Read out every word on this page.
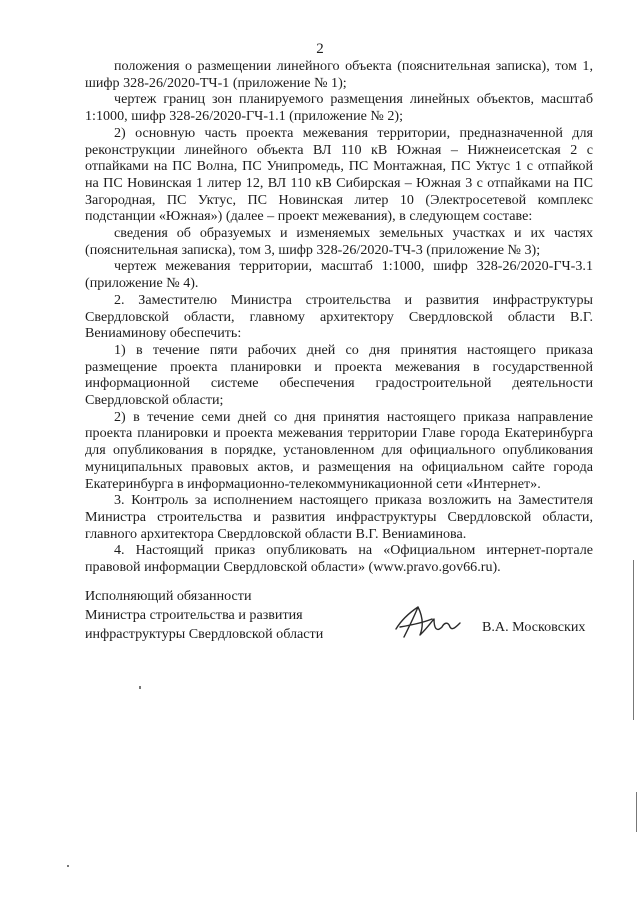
2

положения о размещении линейного объекта (пояснительная записка), том 1, шифр 328-26/2020-ТЧ-1 (приложение № 1);

чертеж границ зон планируемого размещения линейных объектов, масштаб 1:1000, шифр 328-26/2020-ГЧ-1.1 (приложение № 2);

2) основную часть проекта межевания территории, предназначенной для реконструкции линейного объекта ВЛ 110 кВ Южная – Нижнеисетская 2 с отпайками на ПС Волна, ПС Унипромедь, ПС Монтажная, ПС Уктус 1 с отпайкой на ПС Новинская 1 литер 12, ВЛ 110 кВ Сибирская – Южная 3 с отпайками на ПС Загородная, ПС Уктус, ПС Новинская литер 10 (Электросетевой комплекс подстанции «Южная») (далее – проект межевания), в следующем составе:

сведения об образуемых и изменяемых земельных участках и их частях (пояснительная записка), том 3, шифр 328-26/2020-ТЧ-3 (приложение № 3);

чертеж межевания территории, масштаб 1:1000, шифр 328-26/2020-ГЧ-3.1 (приложение № 4).

2. Заместителю Министра строительства и развития инфраструктуры Свердловской области, главному архитектору Свердловской области В.Г. Вениаминову обеспечить:

1) в течение пяти рабочих дней со дня принятия настоящего приказа размещение проекта планировки и проекта межевания в государственной информационной системе обеспечения градостроительной деятельности Свердловской области;

2) в течение семи дней со дня принятия настоящего приказа направление проекта планировки и проекта межевания территории Главе города Екатеринбурга для опубликования в порядке, установленном для официального опубликования муниципальных правовых актов, и размещения на официальном сайте города Екатеринбурга в информационно-телекоммуникационной сети «Интернет».

3. Контроль за исполнением настоящего приказа возложить на Заместителя Министра строительства и развития инфраструктуры Свердловской области, главного архитектора Свердловской области В.Г. Вениаминова.

4. Настоящий приказ опубликовать на «Официальном интернет-портале правовой информации Свердловской области» (www.pravo.gov66.ru).

Исполняющий обязанности
Министра строительства и развития
инфраструктуры Свердловской области	В.А. Московских
